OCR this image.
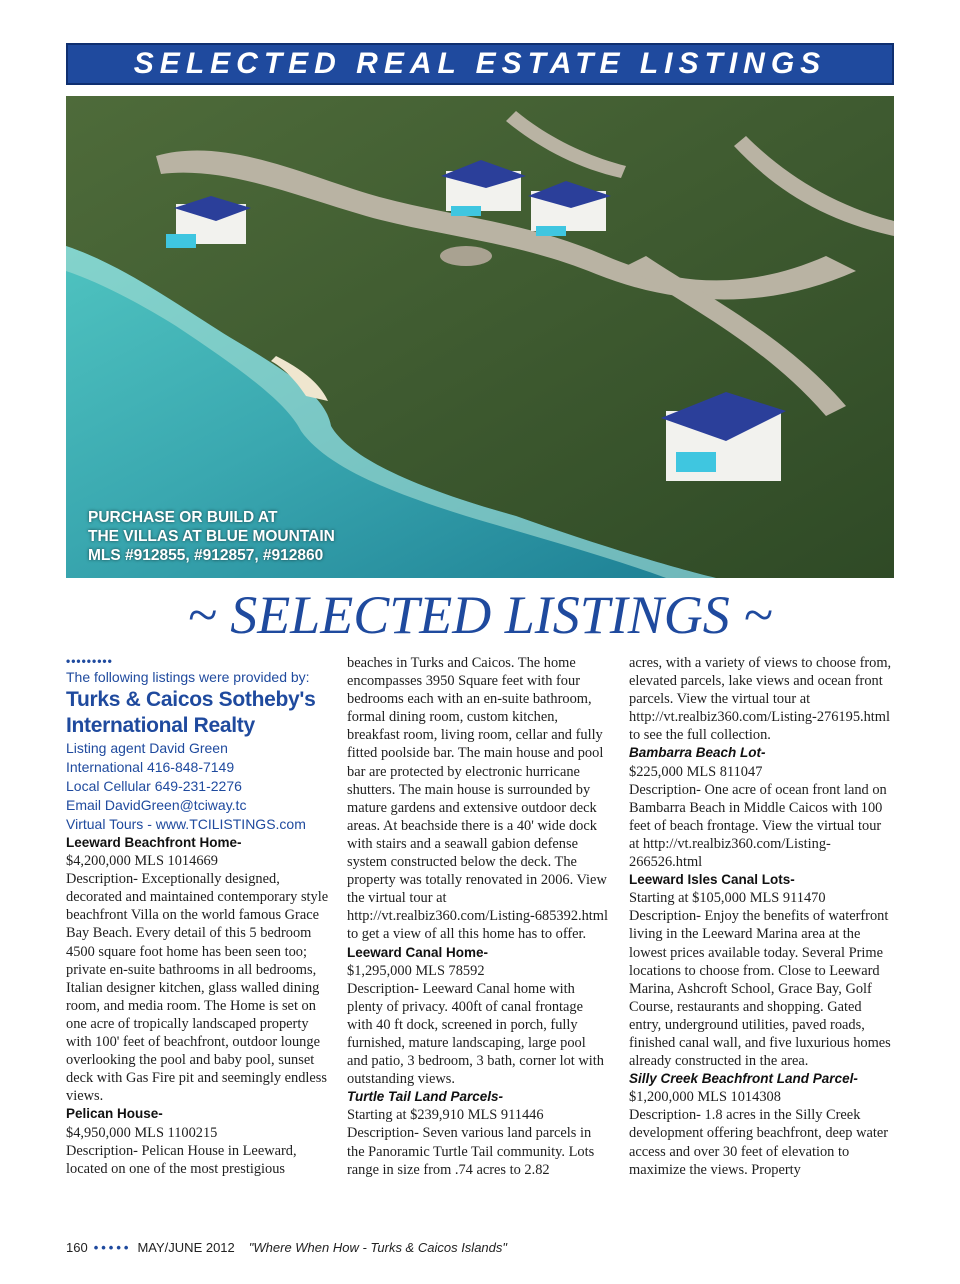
SELECTED REAL ESTATE LISTINGS
PURCHASE OR BUILD AT
THE VILLAS AT BLUE MOUNTAIN
MLS #912855, #912857, #912860
~ SELECTED LISTINGS ~
•••••••••
The following listings were provided by:
Turks & Caicos Sotheby's
International Realty
Listing agent David Green
International 416-848-7149
Local Cellular 649-231-2276
Email DavidGreen@tciway.tc
Virtual Tours - www.TCILISTINGS.com
Leeward Beachfront Home-

$4,200,000 MLS 1014669

Description- Exceptionally designed, decorated and maintained contemporary style beachfront Villa on the world famous Grace Bay Beach. Every detail of this 5 bedroom 4500 square foot home has been seen too; private en-suite bathrooms in all bedrooms, Italian designer kitchen, glass walled dining room, and media room. The Home is set on one acre of tropically landscaped property with 100' feet of beachfront, outdoor lounge overlooking the pool and baby pool, sunset deck with Gas Fire pit and seemingly endless views.

Pelican House-

$4,950,000 MLS 1100215

Description- Pelican House in Leeward, located on one of the most prestigious

beaches in Turks and Caicos. The home encompasses 3950 Square feet with four bedrooms each with an en-suite bathroom, formal dining room, custom kitchen, breakfast room, living room, cellar and fully fitted poolside bar. The main house and pool bar are protected by electronic hurricane shutters. The main house is surrounded by mature gardens and extensive outdoor deck areas. At beachside there is a 40' wide dock with stairs and a seawall gabion defense system constructed below the deck. The property was totally renovated in 2006. View the virtual tour at http://vt.realbiz360.com/Listing-685392.html to get a view of all this home has to offer.

Leeward Canal Home-

$1,295,000 MLS 78592

Description- Leeward Canal home with plenty of privacy. 400ft of canal frontage with 40 ft dock, screened in porch, fully furnished, mature landscaping, large pool and patio, 3 bedroom, 3 bath, corner lot with outstanding views.

Turtle Tail Land Parcels-

Starting at $239,910 MLS 911446

Description- Seven various land parcels in the Panoramic Turtle Tail community. Lots range in size from .74 acres to 2.82

acres, with a variety of views to choose from, elevated parcels, lake views and ocean front parcels. View the virtual tour at http://vt.realbiz360.com/Listing-276195.html to see the full collection.

Bambarra Beach Lot-

$225,000 MLS 811047

Description- One acre of ocean front land on Bambarra Beach in Middle Caicos with 100 feet of beach frontage. View the virtual tour at http://vt.realbiz360.com/Listing-266526.html

Leeward Isles Canal Lots-

Starting at $105,000 MLS 911470

Description- Enjoy the benefits of waterfront living in the Leeward Marina area at the lowest prices available today. Several Prime locations to choose from. Close to Leeward Marina, Ashcroft School, Grace Bay, Golf Course, restaurants and shopping. Gated entry, underground utilities, paved roads, finished canal wall, and five luxurious homes already constructed in the area.

Silly Creek Beachfront Land Parcel-

$1,200,000 MLS 1014308

Description- 1.8 acres in the Silly Creek development offering beachfront, deep water access and over 30 feet of elevation to maximize the views. Property

160 ••••• MAY/JUNE 2012 "Where When How - Turks & Caicos Islands"
